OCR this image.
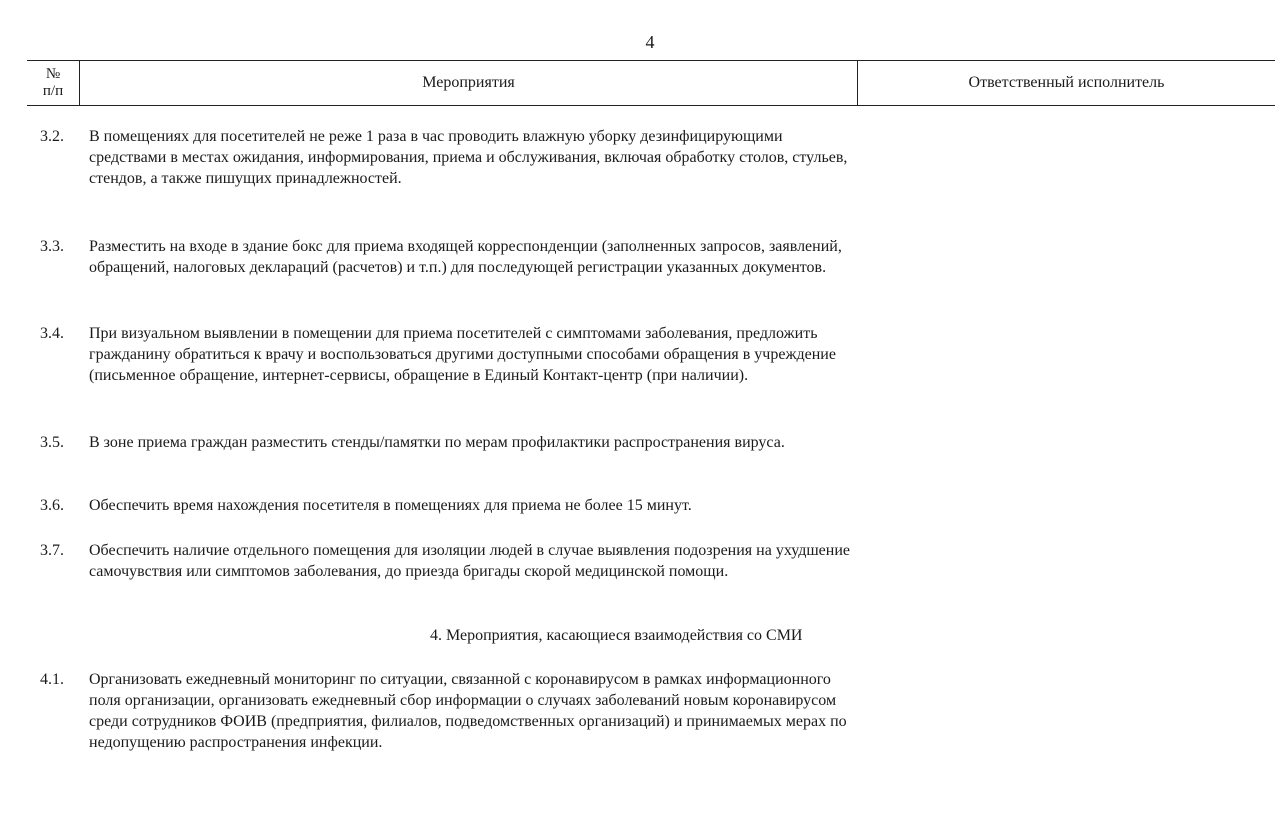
4
№
п/п	Мероприятия	Ответственный исполнитель
3.2. В помещениях для посетителей не реже 1 раза в час проводить влажную уборку дезинфицирующими средствами в местах ожидания, информирования, приема и обслуживания, включая обработку столов, стульев, стендов, а также пишущих принадлежностей.
3.3. Разместить на входе в здание бокс для приема входящей корреспонденции (заполненных запросов, заявлений, обращений, налоговых деклараций (расчетов) и т.п.) для последующей регистрации указанных документов.
3.4. При визуальном выявлении в помещении для приема посетителей с симптомами заболевания, предложить гражданину обратиться к врачу и воспользоваться другими доступными способами обращения в учреждение (письменное обращение, интернет-сервисы, обращение в Единый Контакт-центр (при наличии).
3.5. В зоне приема граждан разместить стенды/памятки по мерам профилактики распространения вируса.
3.6. Обеспечить время нахождения посетителя в помещениях для приема не более 15 минут.
3.7. Обеспечить наличие отдельного помещения для изоляции людей в случае выявления подозрения на ухудшение самочувствия или симптомов заболевания, до приезда бригады скорой медицинской помощи.
4. Мероприятия, касающиеся взаимодействия со СМИ
4.1. Организовать ежедневный мониторинг по ситуации, связанной с коронавирусом в рамках информационного поля организации, организовать ежедневный сбор информации о случаях заболеваний новым коронавирусом среди сотрудников ФОИВ (предприятия, филиалов, подведомственных организаций) и принимаемых мерах по недопущению распространения инфекции.
